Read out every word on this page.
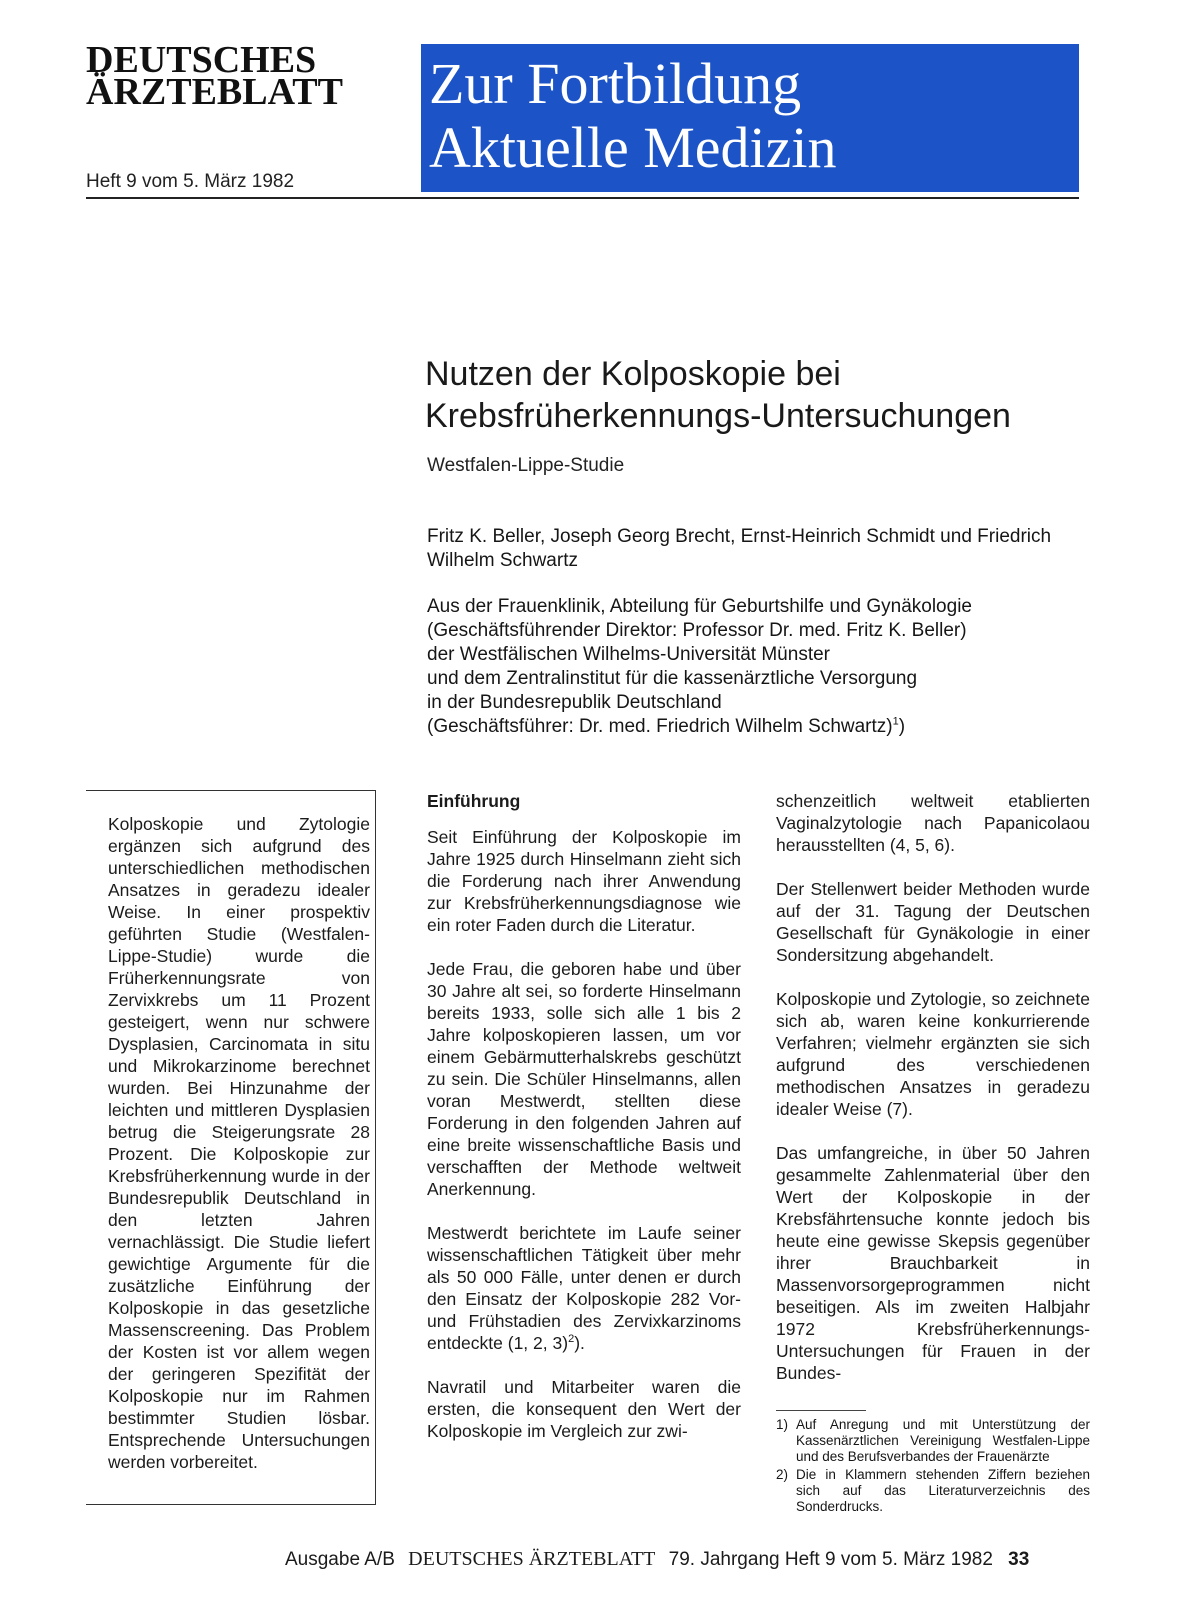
DEUTSCHES
ÄRZTEBLATT
Heft 9 vom 5. März 1982
Zur Fortbildung
Aktuelle Medizin
Nutzen der Kolposkopie bei
Krebsfrüherkennungs-Untersuchungen
Westfalen-Lippe-Studie
Fritz K. Beller, Joseph Georg Brecht, Ernst-Heinrich Schmidt und Friedrich Wilhelm Schwartz
Aus der Frauenklinik, Abteilung für Geburtshilfe und Gynäkologie
(Geschäftsführender Direktor: Professor Dr. med. Fritz K. Beller)
der Westfälischen Wilhelms-Universität Münster
und dem Zentralinstitut für die kassenärztliche Versorgung
in der Bundesrepublik Deutschland
(Geschäftsführer: Dr. med. Friedrich Wilhelm Schwartz)$^1$)
Kolposkopie und Zytologie ergänzen sich aufgrund des unterschiedlichen methodischen Ansatzes in geradezu idealer Weise. In einer prospektiv geführten Studie (Westfalen-Lippe-Studie) wurde die Früherkennungsrate von Zervixkrebs um 11 Prozent gesteigert, wenn nur schwere Dysplasien, Carcinomata in situ und Mikrokarzinome berechnet wurden. Bei Hinzunahme der leichten und mittleren Dysplasien betrug die Steigerungsrate 28 Prozent. Die Kolposkopie zur Krebsfrüherkennung wurde in der Bundesrepublik Deutschland in den letzten Jahren vernachlässigt. Die Studie liefert gewichtige Argumente für die zusätzliche Einführung der Kolposkopie in das gesetzliche Massenscreening. Das Problem der Kosten ist vor allem wegen der geringeren Spezifität der Kolposkopie nur im Rahmen bestimmter Studien lösbar. Entsprechende Untersuchungen werden vorbereitet.
Einführung

Seit Einführung der Kolposkopie im Jahre 1925 durch Hinselmann zieht sich die Forderung nach ihrer Anwendung zur Krebsfrüherkennungsdiagnose wie ein roter Faden durch die Literatur.

Jede Frau, die geboren habe und über 30 Jahre alt sei, so forderte Hinselmann bereits 1933, solle sich alle 1 bis 2 Jahre kolposkopieren lassen, um vor einem Gebärmutterhalskrebs geschützt zu sein. Die Schüler Hinselmanns, allen voran Mestwerdt, stellten diese Forderung in den folgenden Jahren auf eine breite wissenschaftliche Basis und verschafften der Methode weltweit Anerkennung.

Mestwerdt berichtete im Laufe seiner wissenschaftlichen Tätigkeit über mehr als 50 000 Fälle, unter denen er durch den Einsatz der Kolposkopie 282 Vor- und Frühstadien des Zervixkarzinoms entdeckte (1, 2, 3)$^2$).

Navratil und Mitarbeiter waren die ersten, die konsequent den Wert der Kolposkopie im Vergleich zur zwi-

schenzeitlich weltweit etablierten Vaginalzytologie nach Papanicolaou herausstellten (4, 5, 6).

Der Stellenwert beider Methoden wurde auf der 31. Tagung der Deutschen Gesellschaft für Gynäkologie in einer Sondersitzung abgehandelt.

Kolposkopie und Zytologie, so zeichnete sich ab, waren keine konkurrierende Verfahren; vielmehr ergänzten sie sich aufgrund des verschiedenen methodischen Ansatzes in geradezu idealer Weise (7).

Das umfangreiche, in über 50 Jahren gesammelte Zahlenmaterial über den Wert der Kolposkopie in der Krebsfährtensuche konnte jedoch bis heute eine gewisse Skepsis gegenüber ihrer Brauchbarkeit in Massenvorsorgeprogrammen nicht beseitigen. Als im zweiten Halbjahr 1972 Krebsfrüherkennungs-Untersuchungen für Frauen in der Bundes-

1) Auf Anregung und mit Unterstützung der Kassenärztlichen Vereinigung Westfalen-Lippe und des Berufsverbandes der Frauenärzte
2) Die in Klammern stehenden Ziffern beziehen sich auf das Literaturverzeichnis des Sonderdrucks.
Ausgabe A/B DEUTSCHES ÄRZTEBLATT 79. Jahrgang Heft 9 vom 5. März 1982 33
